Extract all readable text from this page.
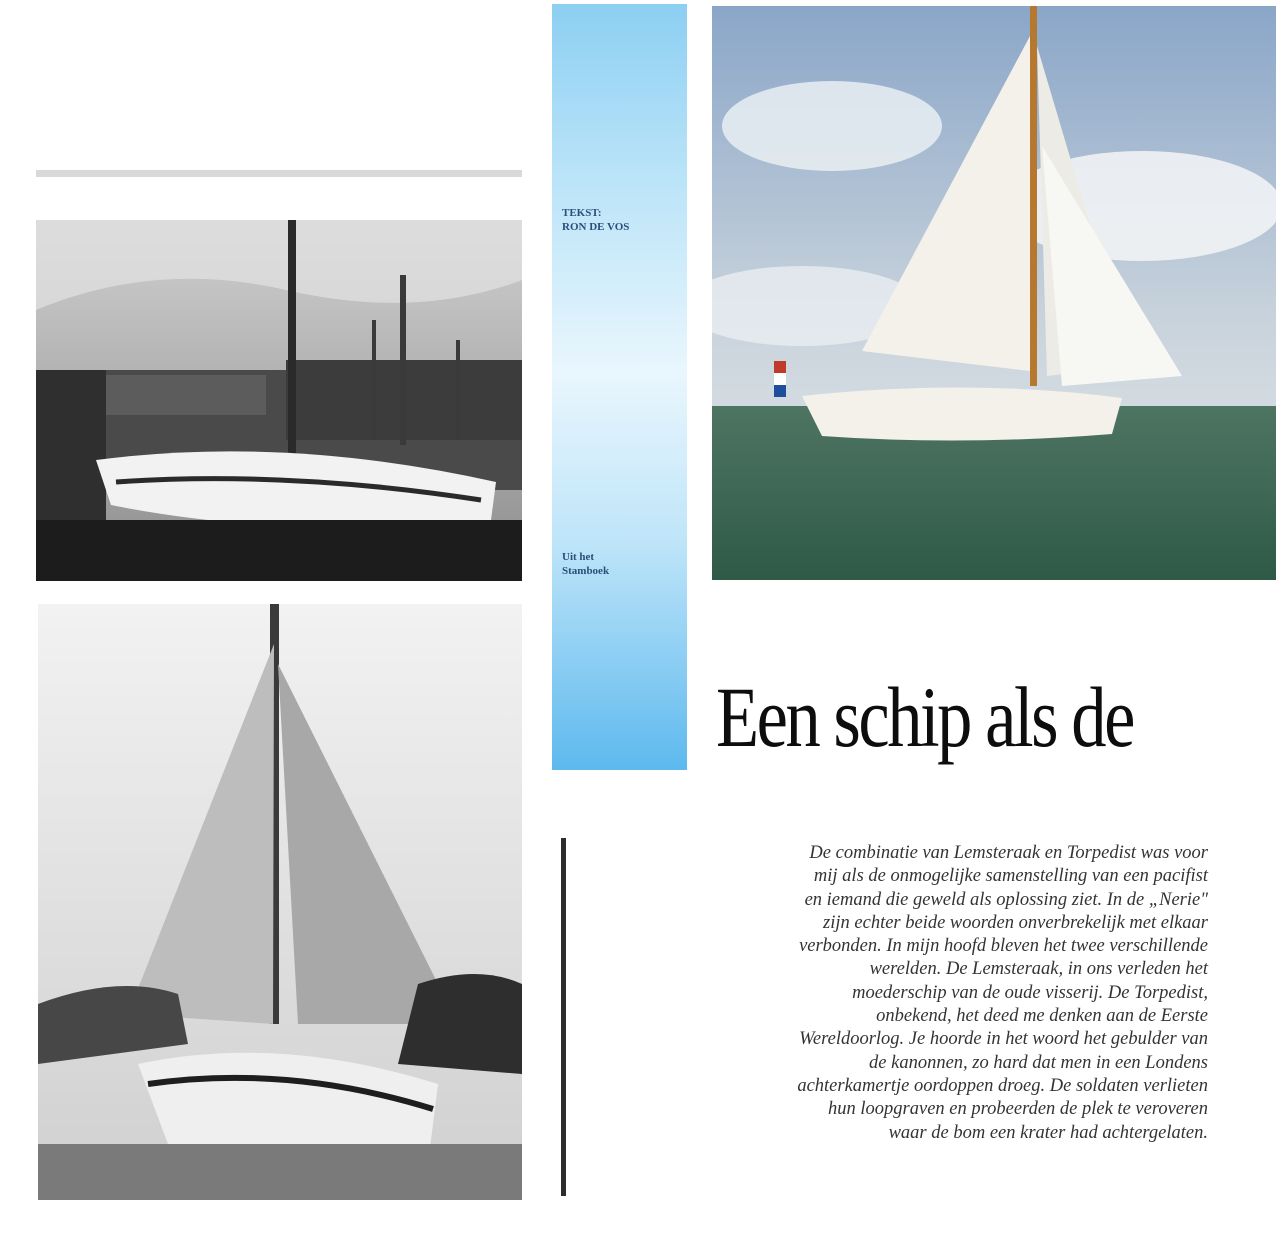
TEKST:
RON DE VOS
Uit het
Stamboek
Een schip als de
De combinatie van Lemsteraak en Torpedist was voor
mij als de onmogelijke samenstelling van een pacifist
en iemand die geweld als oplossing ziet. In de „Nerie"
zijn echter beide woorden onverbrekelijk met elkaar
verbonden. In mijn hoofd bleven het twee verschillende
werelden. De Lemsteraak, in ons verleden het
moederschip van de oude visserij. De Torpedist,
onbekend, het deed me denken aan de Eerste
Wereldoorlog. Je hoorde in het woord het gebulder van
de kanonnen, zo hard dat men in een Londens
achterkamertje oordoppen droeg. De soldaten verlieten
hun loopgraven en probeerden de plek te veroveren
waar de bom een krater had achtergelaten.
